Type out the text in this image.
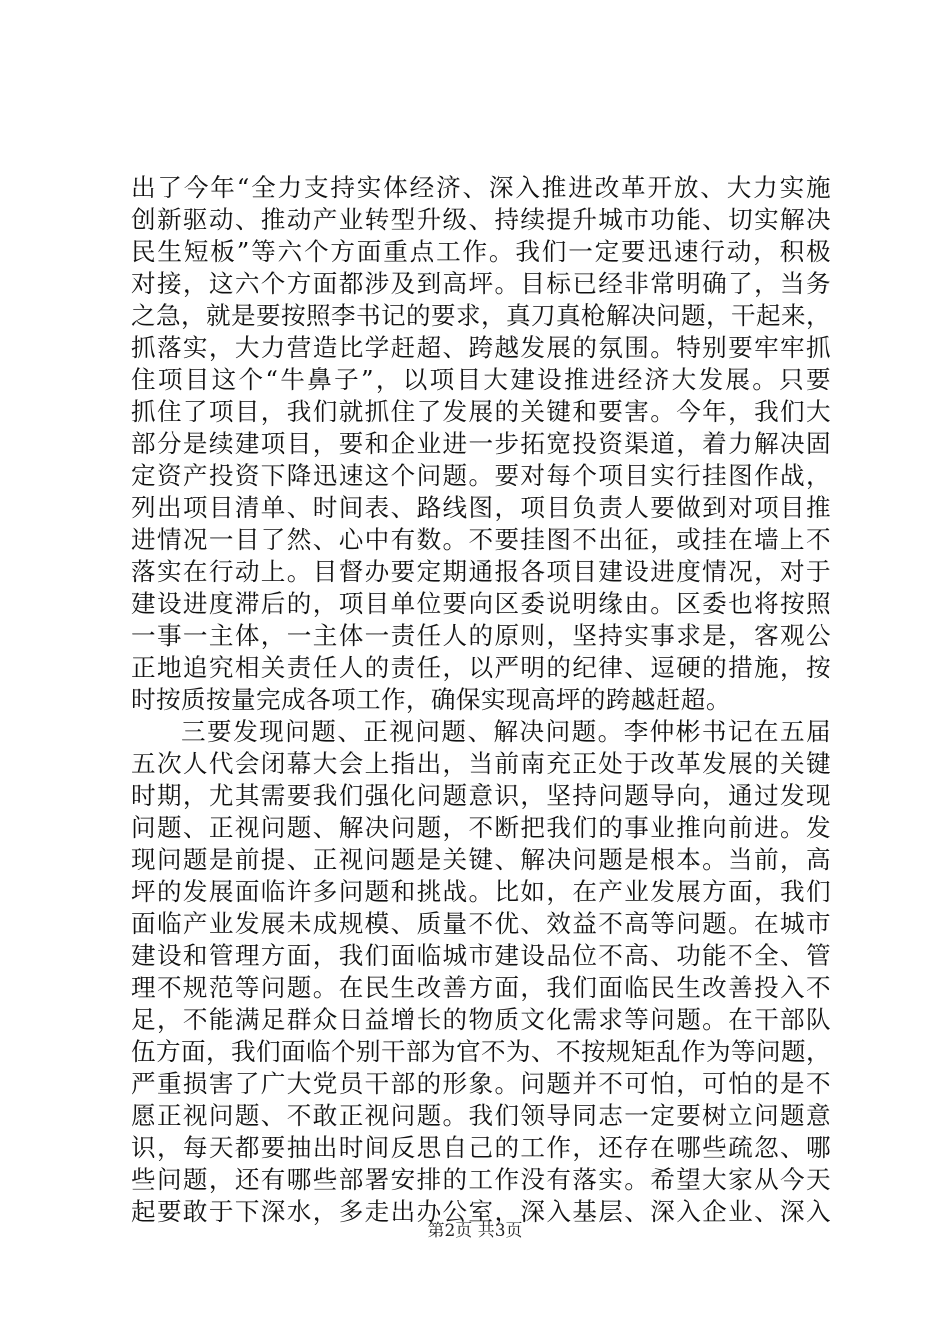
出了今年“全力支持实体经济、深入推进改革开放、大力实施
创新驱动、推动产业转型升级、持续提升城市功能、切实解决
民生短板”等六个方面重点工作。我们一定要迅速行动，积极
对接，这六个方面都涉及到高坪。目标已经非常明确了，当务
之急，就是要按照李书记的要求，真刀真枪解决问题，干起来，
抓落实，大力营造比学赶超、跨越发展的氛围。特别要牢牢抓
住项目这个“牛鼻子”，以项目大建设推进经济大发展。只要
抓住了项目，我们就抓住了发展的关键和要害。今年，我们大
部分是续建项目，要和企业进一步拓宽投资渠道，着力解决固
定资产投资下降迅速这个问题。要对每个项目实行挂图作战，
列出项目清单、时间表、路线图，项目负责人要做到对项目推
进情况一目了然、心中有数。不要挂图不出征，或挂在墙上不
落实在行动上。目督办要定期通报各项目建设进度情况，对于
建设进度滞后的，项目单位要向区委说明缘由。区委也将按照
一事一主体，一主体一责任人的原则，坚持实事求是，客观公
正地追究相关责任人的责任，以严明的纪律、逗硬的措施，按
时按质按量完成各项工作，确保实现高坪的跨越赶超。
三要发现问题、正视问题、解决问题。李仲彬书记在五届
五次人代会闭幕大会上指出，当前南充正处于改革发展的关键
时期，尤其需要我们强化问题意识，坚持问题导向，通过发现
问题、正视问题、解决问题，不断把我们的事业推向前进。发
现问题是前提、正视问题是关键、解决问题是根本。当前，高
坪的发展面临许多问题和挑战。比如，在产业发展方面，我们
面临产业发展未成规模、质量不优、效益不高等问题。在城市
建设和管理方面，我们面临城市建设品位不高、功能不全、管
理不规范等问题。在民生改善方面，我们面临民生改善投入不
足，不能满足群众日益增长的物质文化需求等问题。在干部队
伍方面，我们面临个别干部为官不为、不按规矩乱作为等问题，
严重损害了广大党员干部的形象。问题并不可怕，可怕的是不
愿正视问题、不敢正视问题。我们领导同志一定要树立问题意
识，每天都要抽出时间反思自己的工作，还存在哪些疏忽、哪
些问题，还有哪些部署安排的工作没有落实。希望大家从今天
起要敢于下深水，多走出办公室，深入基层、深入企业、深入
第2页 共3页
